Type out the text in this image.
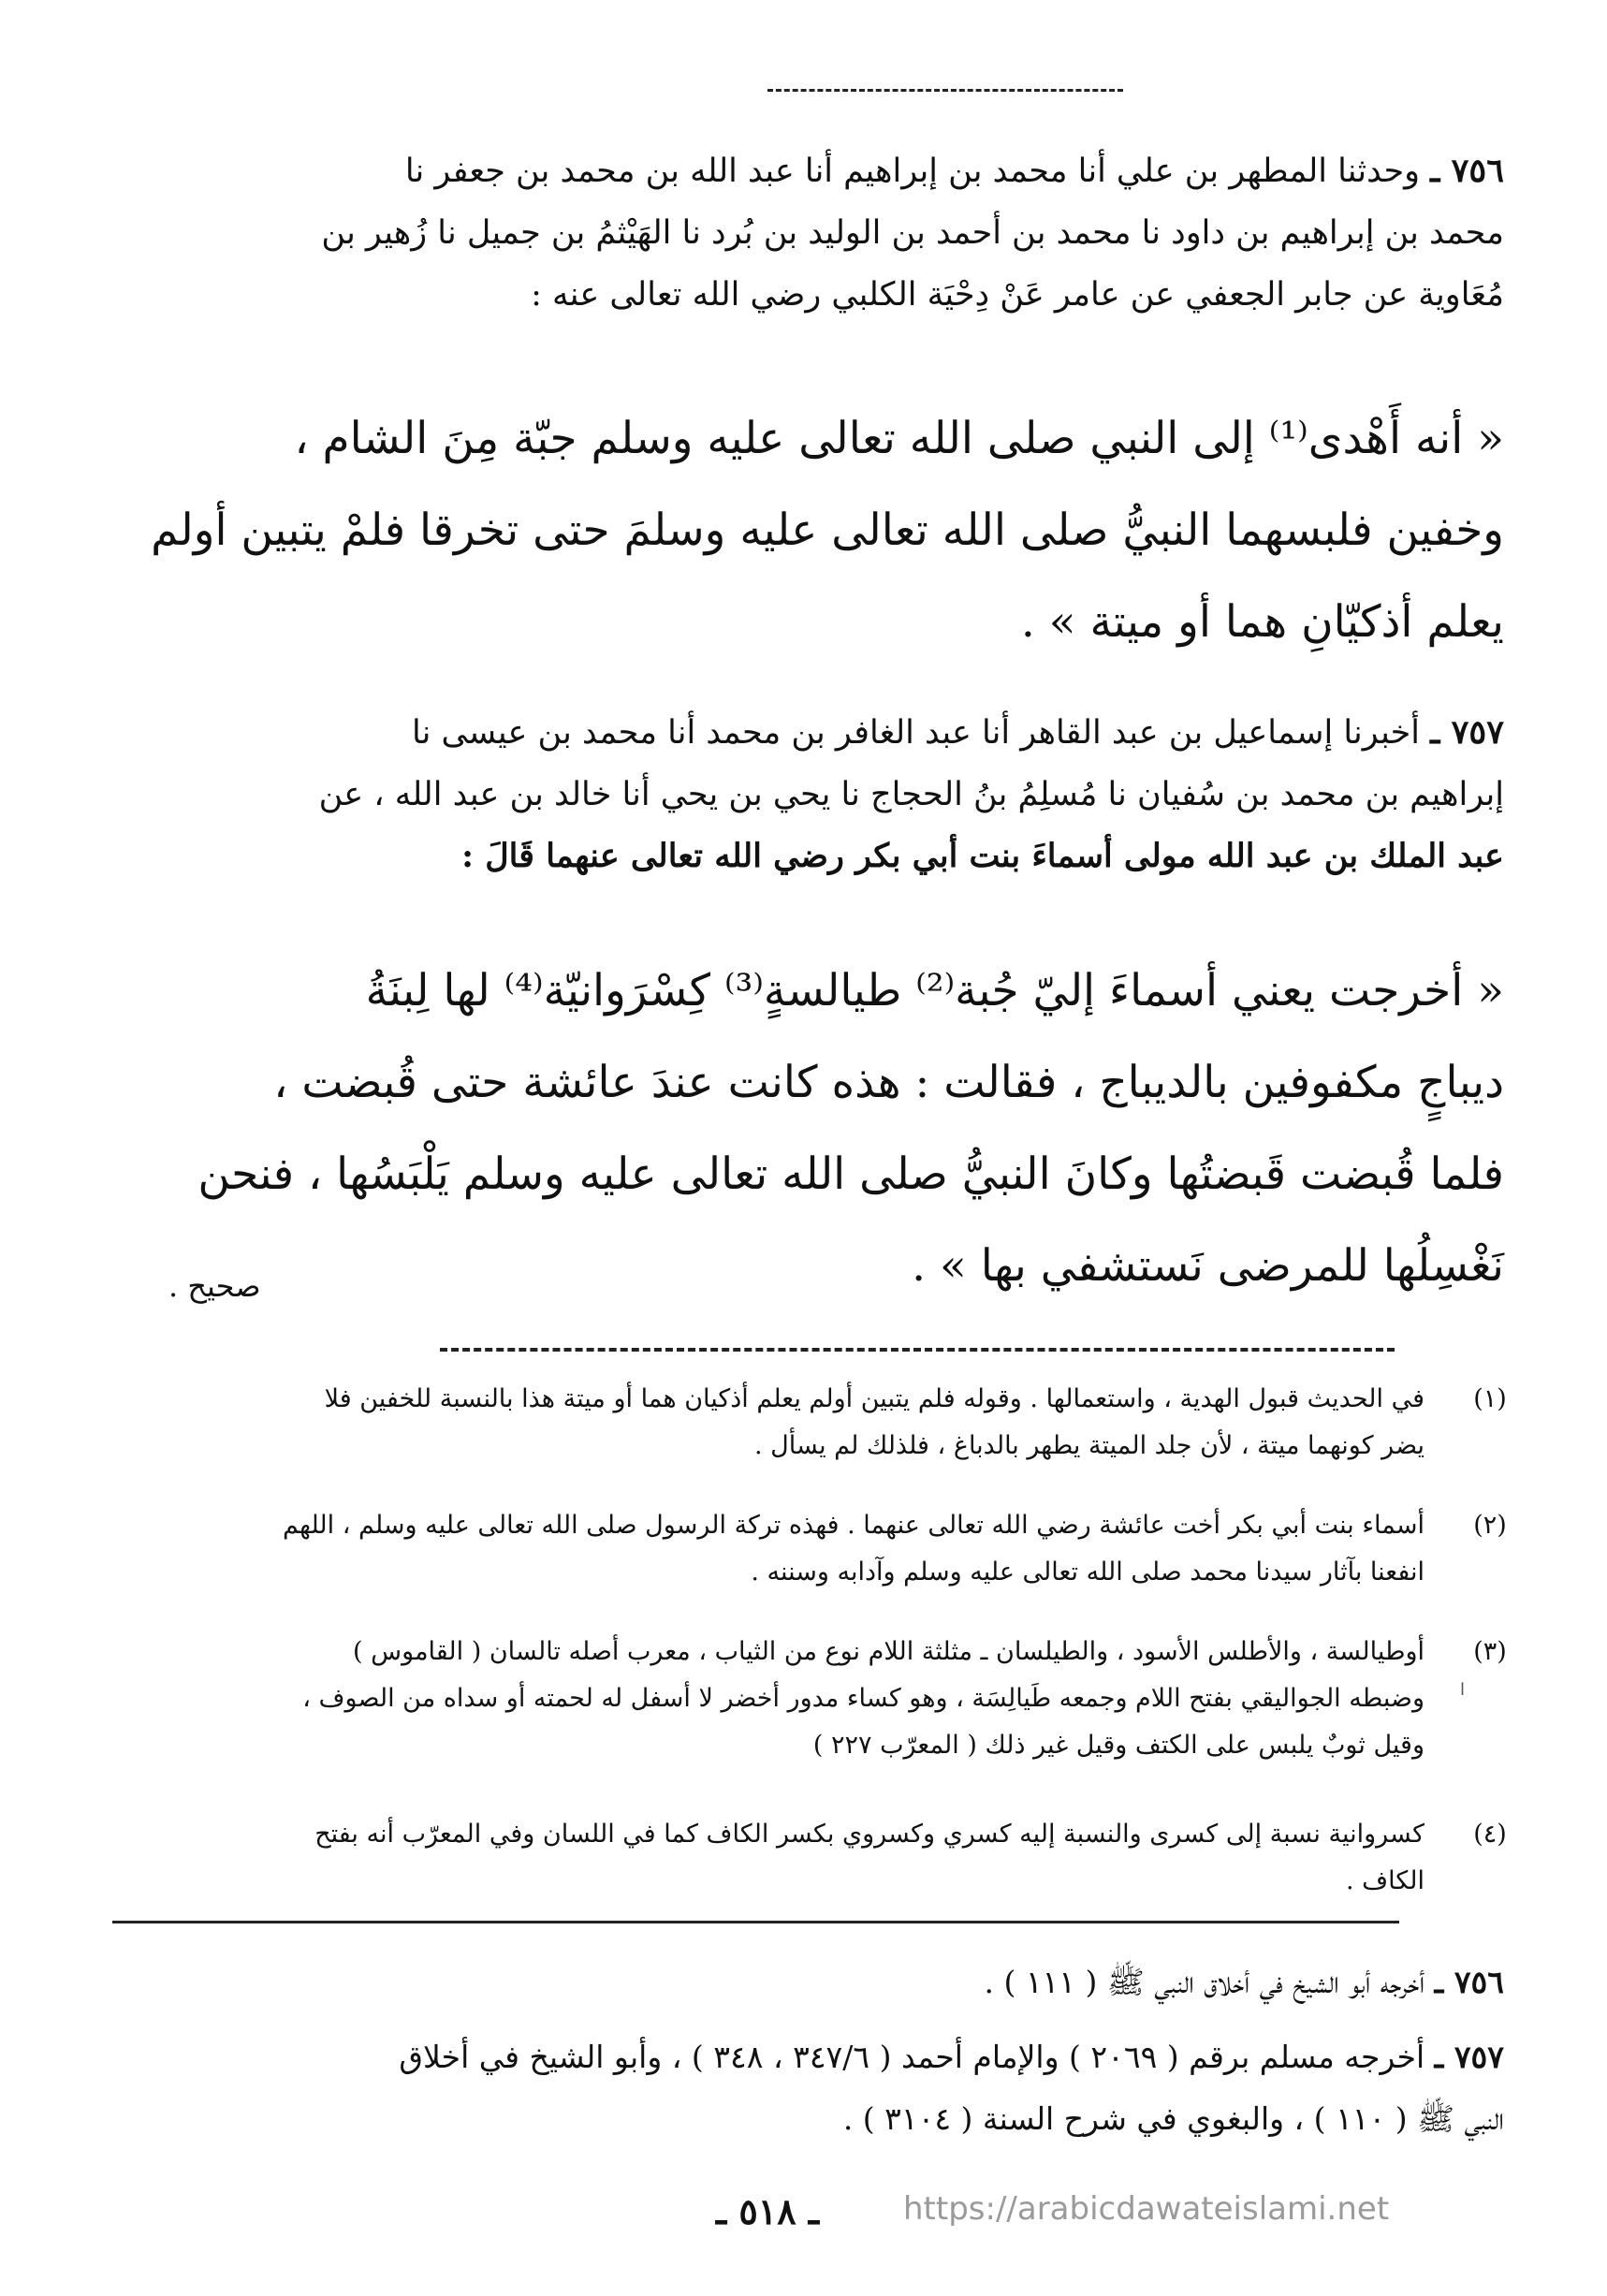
٧٥٦ ـ وحدثنا المطهر بن علي أنا محمد بن إبراهيم أنا عبد الله بن محمد بن جعفر نا
محمد بن إبراهيم بن داود نا محمد بن أحمد بن الوليد بن بُرد نا الهَيْثمُ بن جميل نا زُهير بن
مُعَاوية عن جابر الجعفي عن عامر عَنْ دِحْيَة الكلبي رضي الله تعالى عنه :
« أنه أَهْدى⁽¹⁾ إلى النبي صلى الله تعالى عليه وسلم جبّة مِنَ الشام ،
وخفين فلبسهما النبيُّ صلى الله تعالى عليه وسلمَ حتى تخرقا فلمْ يتبين أولم
يعلم أذكيّانِ هما أو ميتة » .
٧٥٧ ـ أخبرنا إسماعيل بن عبد القاهر أنا عبد الغافر بن محمد أنا محمد بن عيسى نا
إبراهيم بن محمد بن سُفيان نا مُسلِمُ بنُ الحجاج نا يحي بن يحي أنا خالد بن عبد الله ، عن
عبد الملك بن عبد الله مولى أسماءَ بنت أبي بكر رضي الله تعالى عنهما قَالَ :
« أخرجت يعني أسماءَ إليّ جُبة⁽²⁾ طيالسةٍ⁽³⁾ كِسْرَوانيّة⁽⁴⁾ لها لِبنَةُ
ديباجٍ مكفوفين بالديباج ، فقالت : هذه كانت عندَ عائشة حتى قُبضت ،
فلما قُبضت قَبضتُها وكانَ النبيُّ صلى الله تعالى عليه وسلم يَلْبَسُها ، فنحن
نَغْسِلُها للمرضى نَستشفي بها » .
صحيح .
(١)
في الحديث قبول الهدية ، واستعمالها . وقوله فلم يتبين أولم يعلم أذكيان هما أو ميتة هذا بالنسبة للخفين فلا
يضر كونهما ميتة ، لأن جلد الميتة يطهر بالدباغ ، فلذلك لم يسأل .
(٢)
أسماء بنت أبي بكر أخت عائشة رضي الله تعالى عنهما . فهذه تركة الرسول صلى الله تعالى عليه وسلم ، اللهم
انفعنا بآثار سيدنا محمد صلى الله تعالى عليه وسلم وآدابه وسننه .
(٣)
أوطيالسة ، والأطلس الأسود ، والطيلسان ـ مثلثة اللام نوع من الثياب ، معرب أصله تالسان ( القاموس )
وضبطه الجواليقي بفتح اللام وجمعه طَيالِسَة ، وهو كساء مدور أخضر لا أسفل له لحمته أو سداه من الصوف ،
وقيل ثوبٌ يلبس على الكتف وقيل غير ذلك ( المعرّب ٢٢٧ )
(٤)
كسروانية نسبة إلى كسرى والنسبة إليه كسري وكسروي بكسر الكاف كما في اللسان وفي المعرّب أنه بفتح
الكاف .
ا
٧٥٦ ـ أخرجه أبو الشيخ في أخلاق النبي ﷺ ( ١١١ ) .
٧٥٧ ـ أخرجه مسلم برقم ( ٢٠٦٩ ) والإمام أحمد ( ٣٤٧/٦ ، ٣٤٨ ) ، وأبو الشيخ في أخلاق
النبي ﷺ ( ١١٠ ) ، والبغوي في شرح السنة ( ٣١٠٤ ) .
ـ ٥١٨ ـ	https://arabicdawateislami.net
